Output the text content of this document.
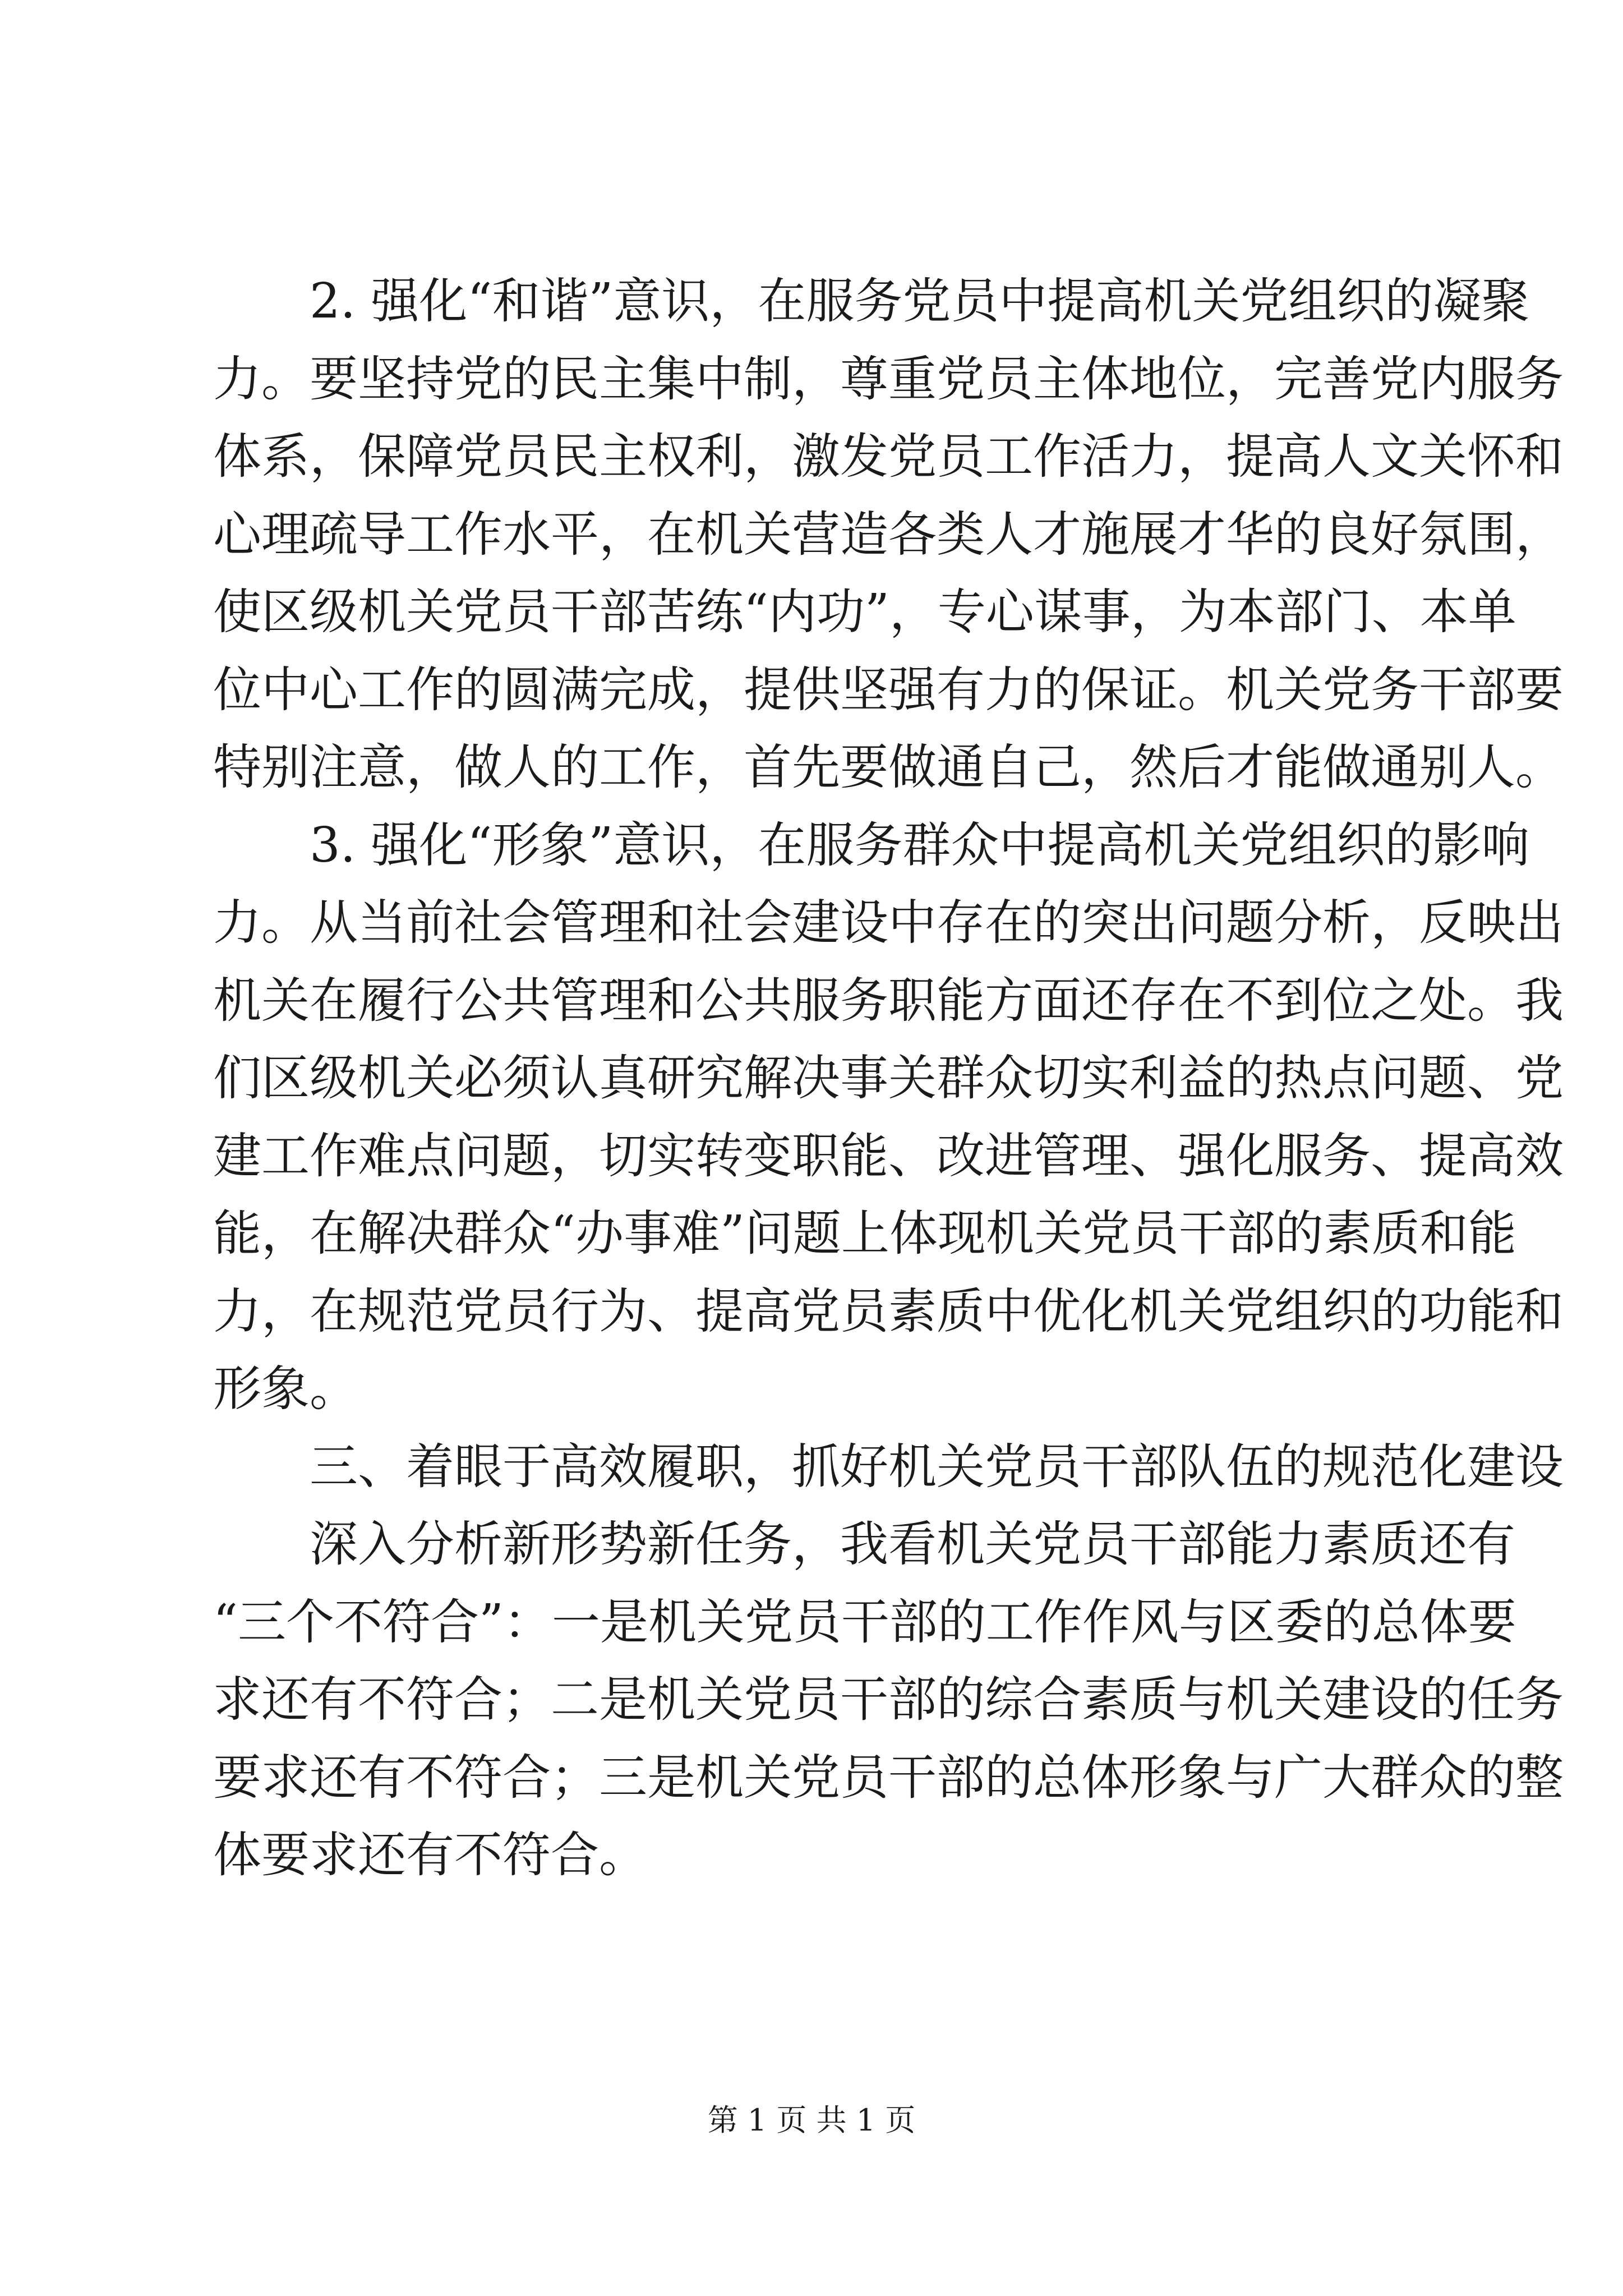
2. 强化“和谐”意识，在服务党员中提高机关党组织的凝聚
力。要坚持党的民主集中制，尊重党员主体地位，完善党内服务
体系，保障党员民主权利，激发党员工作活力，提高人文关怀和
心理疏导工作水平，在机关营造各类人才施展才华的良好氛围，
使区级机关党员干部苦练“内功”，专心谋事，为本部门、本单
位中心工作的圆满完成，提供坚强有力的保证。机关党务干部要
特别注意，做人的工作，首先要做通自己，然后才能做通别人。
3. 强化“形象”意识，在服务群众中提高机关党组织的影响
力。从当前社会管理和社会建设中存在的突出问题分析，反映出
机关在履行公共管理和公共服务职能方面还存在不到位之处。我
们区级机关必须认真研究解决事关群众切实利益的热点问题、党
建工作难点问题，切实转变职能、改进管理、强化服务、提高效
能，在解决群众“办事难”问题上体现机关党员干部的素质和能
力，在规范党员行为、提高党员素质中优化机关党组织的功能和
形象。
三、着眼于高效履职，抓好机关党员干部队伍的规范化建设
深入分析新形势新任务，我看机关党员干部能力素质还有
“三个不符合”：一是机关党员干部的工作作风与区委的总体要
求还有不符合；二是机关党员干部的综合素质与机关建设的任务
要求还有不符合；三是机关党员干部的总体形象与广大群众的整
体要求还有不符合。
第 1 页 共 1 页
